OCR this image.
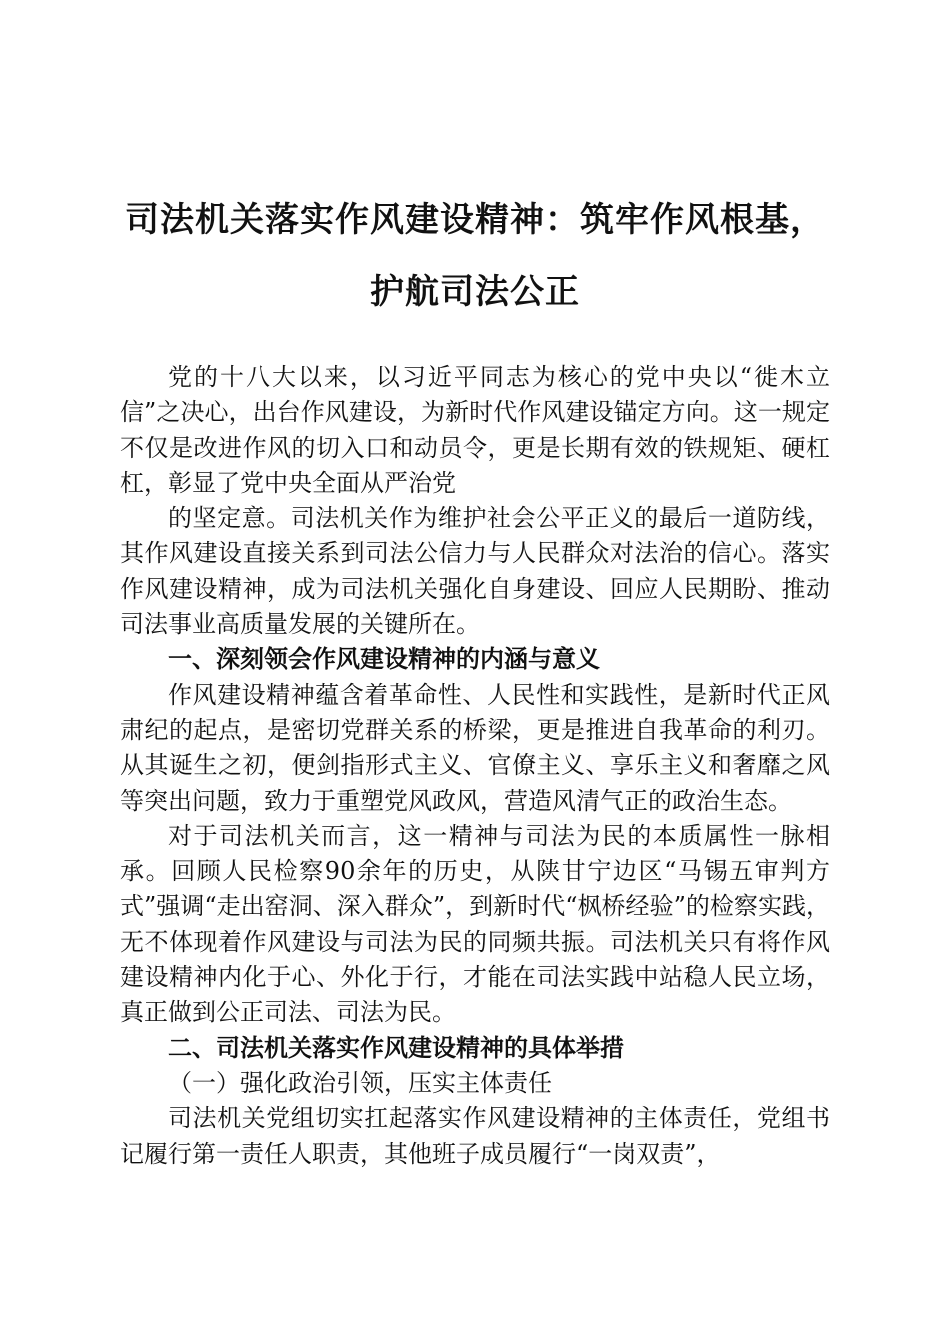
司法机关落实作风建设精神：筑牢作风根基，
护航司法公正

党的十八大以来，以习近平同志为核心的党中央以“徙木立信”之决心，出台作风建设，为新时代作风建设锚定方向。这一规定不仅是改进作风的切入口和动员令，更是长期有效的铁规矩、硬杠杠，彰显了党中央全面从严治党

的坚定意。司法机关作为维护社会公平正义的最后一道防线，其作风建设直接关系到司法公信力与人民群众对法治的信心。落实作风建设精神，成为司法机关强化自身建设、回应人民期盼、推动司法事业高质量发展的关键所在。

一、深刻领会作风建设精神的内涵与意义

作风建设精神蕴含着革命性、人民性和实践性，是新时代正风肃纪的起点，是密切党群关系的桥梁，更是推进自我革命的利刃。从其诞生之初，便剑指形式主义、官僚主义、享乐主义和奢靡之风等突出问题，致力于重塑党风政风，营造风清气正的政治生态。

对于司法机关而言，这一精神与司法为民的本质属性一脉相承。回顾人民检察90余年的历史，从陕甘宁边区“马锡五审判方式”强调“走出窑洞、深入群众”，到新时代“枫桥经验”的检察实践，无不体现着作风建设与司法为民的同频共振。司法机关只有将作风建设精神内化于心、外化于行，才能在司法实践中站稳人民立场，真正做到公正司法、司法为民。

二、司法机关落实作风建设精神的具体举措

（一）强化政治引领，压实主体责任

司法机关党组切实扛起落实作风建设精神的主体责任，党组书记履行第一责任人职责，其他班子成员履行“一岗双责”，
